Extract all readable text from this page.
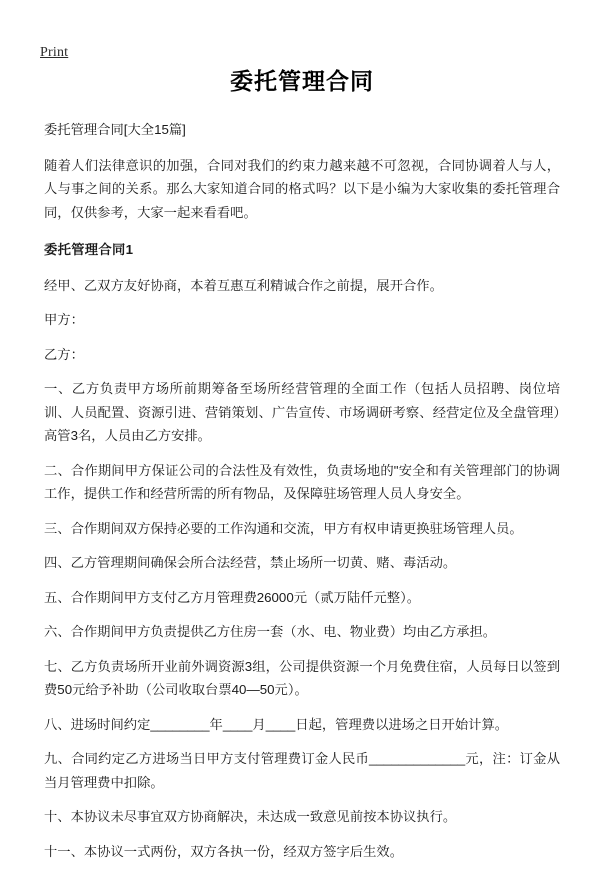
Print
委托管理合同

委托管理合同[大全15篇]

随着人们法律意识的加强，合同对我们的约束力越来越不可忽视，合同协调着人与人，人与事之间的关系。那么大家知道合同的格式吗？以下是小编为大家收集的委托管理合同，仅供参考，大家一起来看看吧。

委托管理合同1

经甲、乙双方友好协商，本着互惠互利精诚合作之前提，展开合作。

甲方：

乙方：

一、乙方负责甲方场所前期筹备至场所经营管理的全面工作（包括人员招聘、岗位培训、人员配置、资源引进、营销策划、广告宣传、市场调研考察、经营定位及全盘管理）高管3名，人员由乙方安排。

二、合作期间甲方保证公司的合法性及有效性，负责场地的"安全和有关管理部门的协调工作，提供工作和经营所需的所有物品，及保障驻场管理人员人身安全。

三、合作期间双方保持必要的工作沟通和交流，甲方有权申请更换驻场管理人员。

四、乙方管理期间确保会所合法经营，禁止场所一切黄、赌、毒活动。

五、合作期间甲方支付乙方月管理费26000元（贰万陆仟元整）。

六、合作期间甲方负责提供乙方住房一套（水、电、物业费）均由乙方承担。

七、乙方负责场所开业前外调资源3组，公司提供资源一个月免费住宿，人员每日以签到费50元给予补助（公司收取台票40—50元）。

八、进场时间约定________年____月____日起，管理费以进场之日开始计算。

九、合同约定乙方进场当日甲方支付管理费订金人民币_____________元，注：订金从当月管理费中扣除。

十、本协议未尽事宜双方协商解决，未达成一致意见前按本协议执行。

十一、本协议一式两份，双方各执一份，经双方签字后生效。
